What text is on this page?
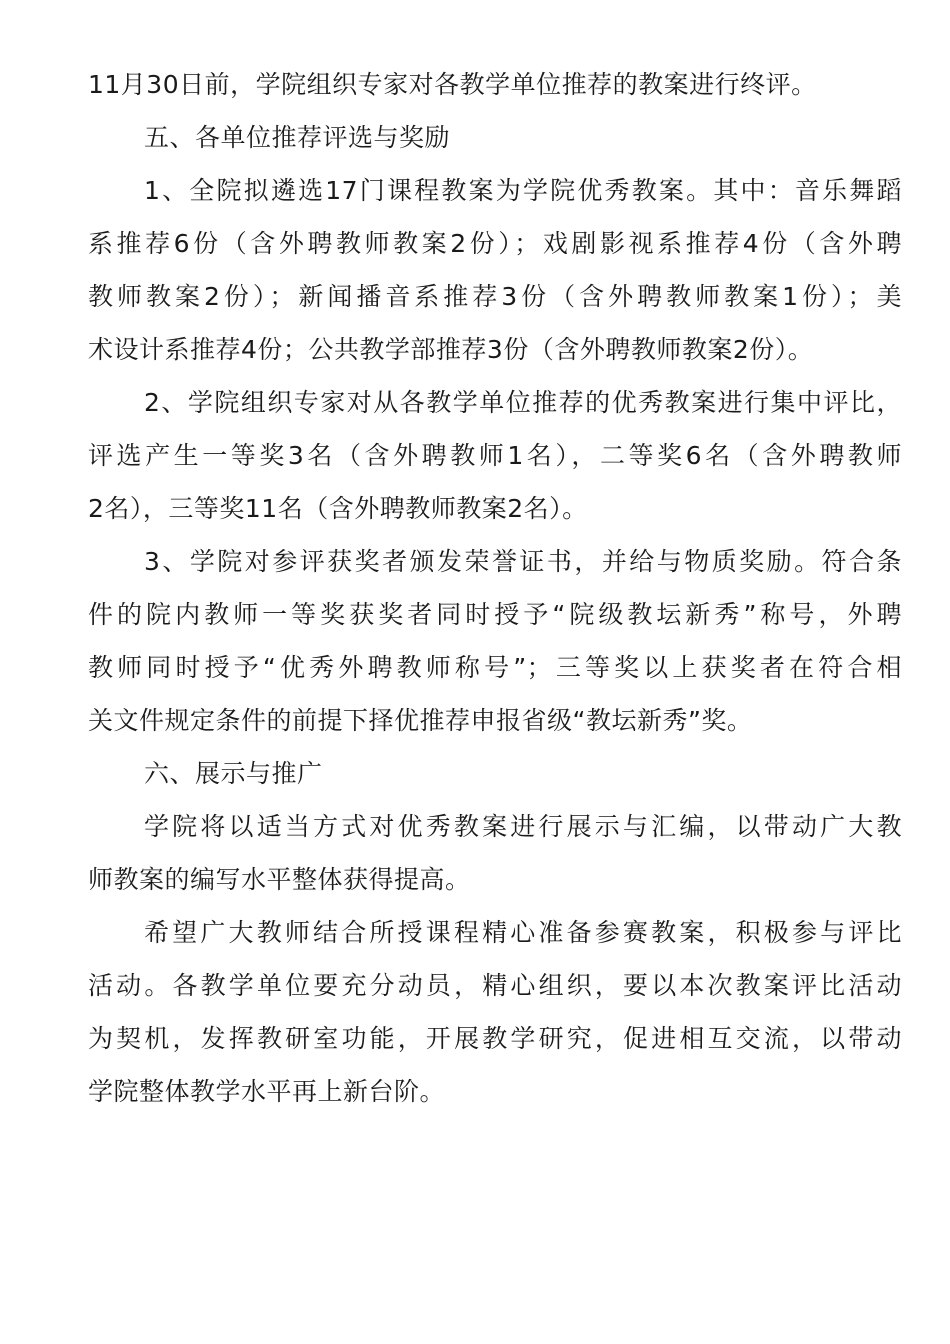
11月30日前，学院组织专家对各教学单位推荐的教案进行终评。
五、各单位推荐评选与奖励
1、全院拟遴选17门课程教案为学院优秀教案。其中：音乐舞蹈
系推荐6份（含外聘教师教案2份）；戏剧影视系推荐4份（含外聘
教师教案2份）；新闻播音系推荐3份（含外聘教师教案1份）；美
术设计系推荐4份；公共教学部推荐3份（含外聘教师教案2份）。
2、学院组织专家对从各教学单位推荐的优秀教案进行集中评比，
评选产生一等奖3名（含外聘教师1名），二等奖6名（含外聘教师
2名），三等奖11名（含外聘教师教案2名）。
3、学院对参评获奖者颁发荣誉证书，并给与物质奖励。符合条
件的院内教师一等奖获奖者同时授予“院级教坛新秀”称号，外聘
教师同时授予“优秀外聘教师称号”；三等奖以上获奖者在符合相
关文件规定条件的前提下择优推荐申报省级“教坛新秀”奖。
六、展示与推广
学院将以适当方式对优秀教案进行展示与汇编，以带动广大教
师教案的编写水平整体获得提高。
希望广大教师结合所授课程精心准备参赛教案，积极参与评比
活动。各教学单位要充分动员，精心组织，要以本次教案评比活动
为契机，发挥教研室功能，开展教学研究，促进相互交流，以带动
学院整体教学水平再上新台阶。
